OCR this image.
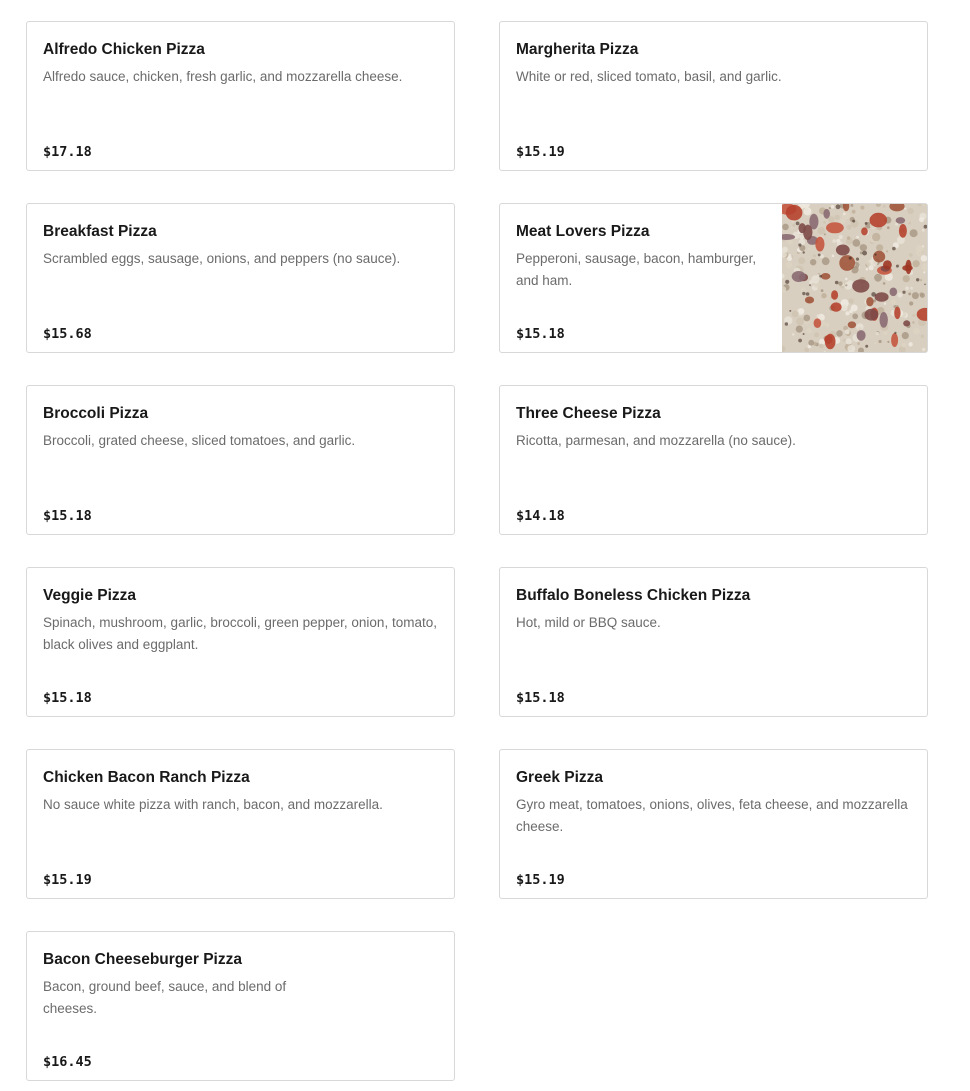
Alfredo Chicken Pizza
Alfredo sauce, chicken, fresh garlic, and mozzarella cheese.
$17.18
Margherita Pizza
White or red, sliced tomato, basil, and garlic.
$15.19
Breakfast Pizza
Scrambled eggs, sausage, onions, and peppers (no sauce).
$15.68
Meat Lovers Pizza
Pepperoni, sausage, bacon, hamburger, and ham.
$15.18
Broccoli Pizza
Broccoli, grated cheese, sliced tomatoes, and garlic.
$15.18
Three Cheese Pizza
Ricotta, parmesan, and mozzarella (no sauce).
$14.18
Veggie Pizza
Spinach, mushroom, garlic, broccoli, green pepper, onion, tomato, black olives and eggplant.
$15.18
Buffalo Boneless Chicken Pizza
Hot, mild or BBQ sauce.
$15.18
Chicken Bacon Ranch Pizza
No sauce white pizza with ranch, bacon, and mozzarella.
$15.19
Greek Pizza
Gyro meat, tomatoes, onions, olives, feta cheese, and mozzarella cheese.
$15.19
Bacon Cheeseburger Pizza
Bacon, ground beef, sauce, and blend of cheeses.
$16.45
